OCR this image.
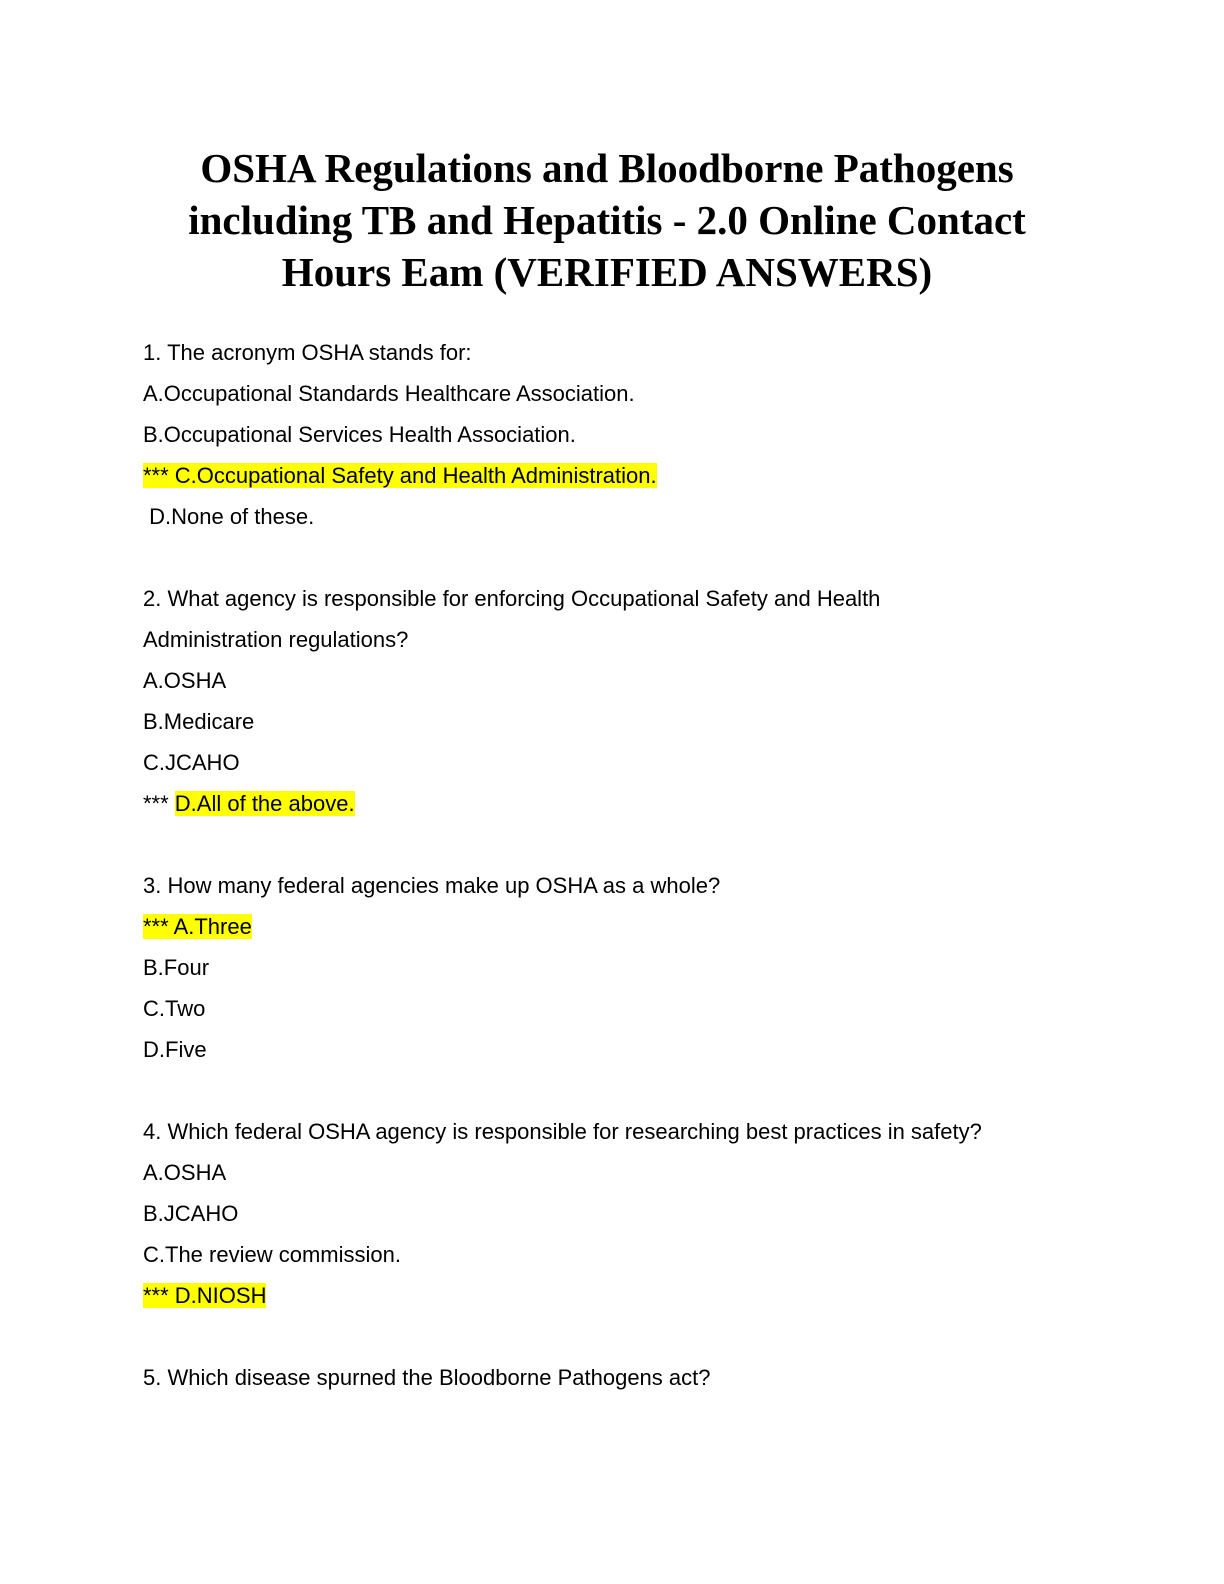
OSHA Regulations and Bloodborne Pathogens
including TB and Hepatitis - 2.0 Online Contact
Hours Eam (VERIFIED ANSWERS)
1. The acronym OSHA stands for:
A.Occupational Standards Healthcare Association.
B.Occupational Services Health Association.
*** C.Occupational Safety and Health Administration.
D.None of these.
2. What agency is responsible for enforcing Occupational Safety and Health
Administration regulations?
A.OSHA
B.Medicare
C.JCAHO
*** D.All of the above.
3. How many federal agencies make up OSHA as a whole?
*** A.Three
B.Four
C.Two
D.Five
4. Which federal OSHA agency is responsible for researching best practices in safety?
A.OSHA
B.JCAHO
C.The review commission.
*** D.NIOSH
5. Which disease spurned the Bloodborne Pathogens act?
